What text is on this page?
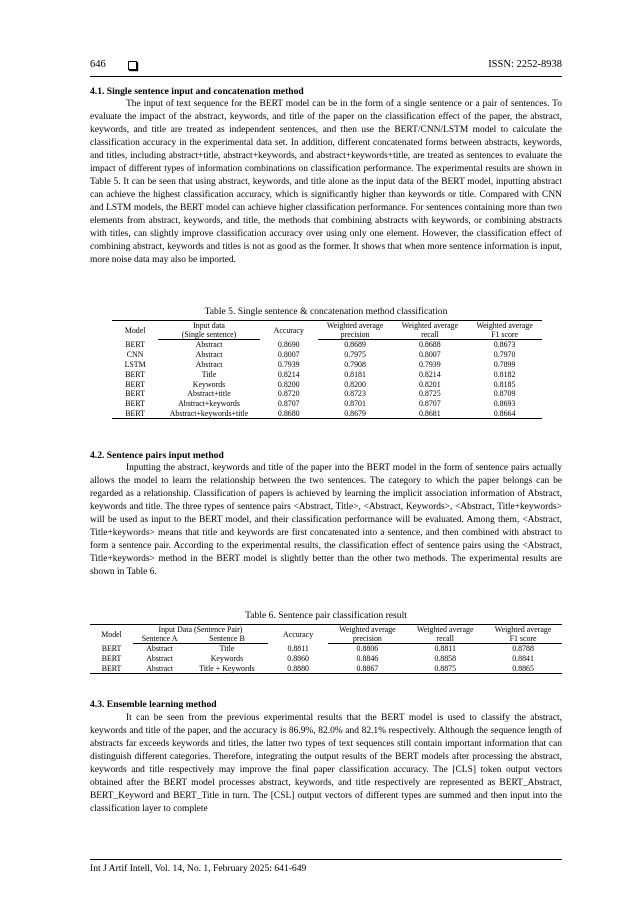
646	ISSN: 2252-8938
4.1. Single sentence input and concatenation method

The input of text sequence for the BERT model can be in the form of a single sentence or a pair of sentences. To evaluate the impact of the abstract, keywords, and title of the paper on the classification effect of the paper, the abstract, keywords, and title are treated as independent sentences, and then use the BERT/CNN/LSTM model to calculate the classification accuracy in the experimental data set. In addition, different concatenated forms between abstracts, keywords, and titles, including abstract+title, abstract+keywords, and abstract+keywords+title, are treated as sentences to evaluate the impact of different types of information combinations on classification performance. The experimental results are shown in Table 5. It can be seen that using abstract, keywords, and title alone as the input data of the BERT model, inputting abstract can achieve the highest classification accuracy, which is significantly higher than keywords or title. Compared with CNN and LSTM models, the BERT model can achieve higher classification performance. For sentences containing more than two elements from abstract, keywords, and title, the methods that combining abstracts with keywords, or combining abstracts with titles, can slightly improve classification accuracy over using only one element. However, the classification effect of combining abstract, keywords and titles is not as good as the former. It shows that when more sentence information is input, more noise data may also be imported.

Table 5. Single sentence & concatenation method classification
Model	Input data	Accuracy	Weighted average	Weighted average	Weighted average
	(Single sentence)		precision	recall	F1 score
BERT	Abstract	0.8690	0.8689	0.8688	0.8673
CNN	Abstract	0.8007	0.7975	0.8007	0.7970
LSTM	Abstract	0.7939	0.7908	0.7939	0.7899
BERT	Title	0.8214	0.8181	0.8214	0.8182
BERT	Keywords	0.8200	0.8200	0.8201	0.8185
BERT	Abstract+title	0.8720	0.8723	0.8725	0.8709
BERT	Abstract+keywords	0.8707	0.8701	0.8707	0.8693
BERT	Abstract+keywords+title	0.8680	0.8679	0.8681	0.8664
4.2. Sentence pairs input method

Inputting the abstract, keywords and title of the paper into the BERT model in the form of sentence pairs actually allows the model to learn the relationship between the two sentences. The category to which the paper belongs can be regarded as a relationship. Classification of papers is achieved by learning the implicit association information of Abstract, keywords and title. The three types of sentence pairs <Abstract, Title>, <Abstract, Keywords>, <Abstract, Title+keywords> will be used as input to the BERT model, and their classification performance will be evaluated. Among them, <Abstract, Title+keywords> means that title and keywords are first concatenated into a sentence, and then combined with abstract to form a sentence pair. According to the experimental results, the classification effect of sentence pairs using the <Abstract, Title+keywords> method in the BERT model is slightly better than the other two methods. The experimental results are shown in Table 6.

Table 6. Sentence pair classification result
Model	Input Data (Sentence Pair)		Accuracy	Weighted average	Weighted average	Weighted average
	Sentence A	Sentence B		precision	recall	F1 score
BERT	Abstract	Title	0.8811	0.8806	0.8811	0.8788
BERT	Abstract	Keywords	0.8860	0.8846	0.8858	0.8841
BERT	Abstract	Title + Keywords	0.8880	0.8867	0.8875	0.8865
4.3. Ensemble learning method

It can be seen from the previous experimental results that the BERT model is used to classify the abstract, keywords and title of the paper, and the accuracy is 86.9%, 82.0% and 82.1% respectively. Although the sequence length of abstracts far exceeds keywords and titles, the latter two types of text sequences still contain important information that can distinguish different categories. Therefore, integrating the output results of the BERT models after processing the abstract, keywords and title respectively may improve the final paper classification accuracy. The [CLS] token output vectors obtained after the BERT model processes abstract, keywords, and title respectively are represented as BERT_Abstract, BERT_Keyword and BERT_Title in turn. The [CSL] output vectors of different types are summed and then input into the classification layer to complete

Int J Artif Intell, Vol. 14, No. 1, February 2025: 641-649
